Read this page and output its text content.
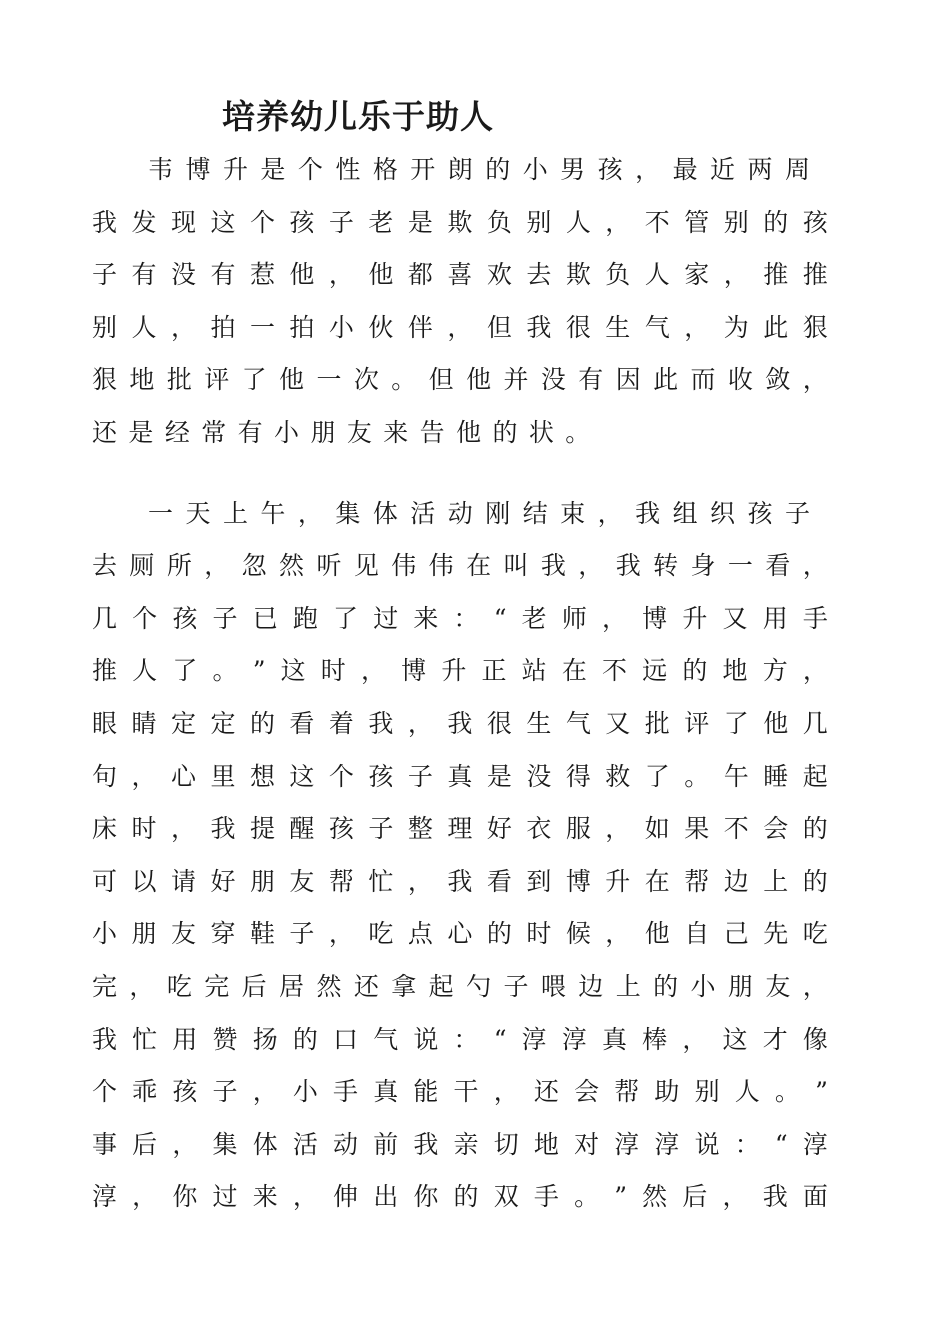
培养幼儿乐于助人
韦 博 升 是 个 性 格 开 朗 的 小 男 孩 ， 最 近 两 周
我 发 现 这 个 孩 子 老 是 欺 负 别 人 ， 不 管 别 的 孩
子 有 没 有 惹 他 ， 他 都 喜 欢 去 欺 负 人 家 ， 推 推
别 人 ， 拍 一 拍 小 伙 伴 ， 但 我 很 生 气 ， 为 此 狠
狠 地 批 评 了 他 一 次 。 但 他 并 没 有 因 此 而 收 敛 ，
还 是 经 常 有 小 朋 友 来 告 他 的 状 。
一 天 上 午 ， 集 体 活 动 刚 结 束 ， 我 组 织 孩 子
去 厕 所 ， 忽 然 听 见 伟 伟 在 叫 我 ， 我 转 身 一 看 ，
几 个 孩 子 已 跑 了 过 来 ： “ 老 师 ， 博 升 又 用 手
推 人 了 。 ” 这 时 ， 博 升 正 站 在 不 远 的 地 方 ，
眼 睛 定 定 的 看 着 我 ， 我 很 生 气 又 批 评 了 他 几
句 ， 心 里 想 这 个 孩 子 真 是 没 得 救 了 。 午 睡 起
床 时 ， 我 提 醒 孩 子 整 理 好 衣 服 ， 如 果 不 会 的
可 以 请 好 朋 友 帮 忙 ， 我 看 到 博 升 在 帮 边 上 的
小 朋 友 穿 鞋 子 ， 吃 点 心 的 时 候 ， 他 自 己 先 吃
完 ， 吃 完 后 居 然 还 拿 起 勺 子 喂 边 上 的 小 朋 友 ，
我 忙 用 赞 扬 的 口 气 说 ： “ 淳 淳 真 棒 ， 这 才 像
个 乖 孩 子 ， 小 手 真 能 干 ， 还 会 帮 助 别 人 。 ”
事 后 ， 集 体 活 动 前 我 亲 切 地 对 淳 淳 说 ： “ 淳
淳 ， 你 过 来 ， 伸 出 你 的 双 手 。 ” 然 后 ， 我 面
